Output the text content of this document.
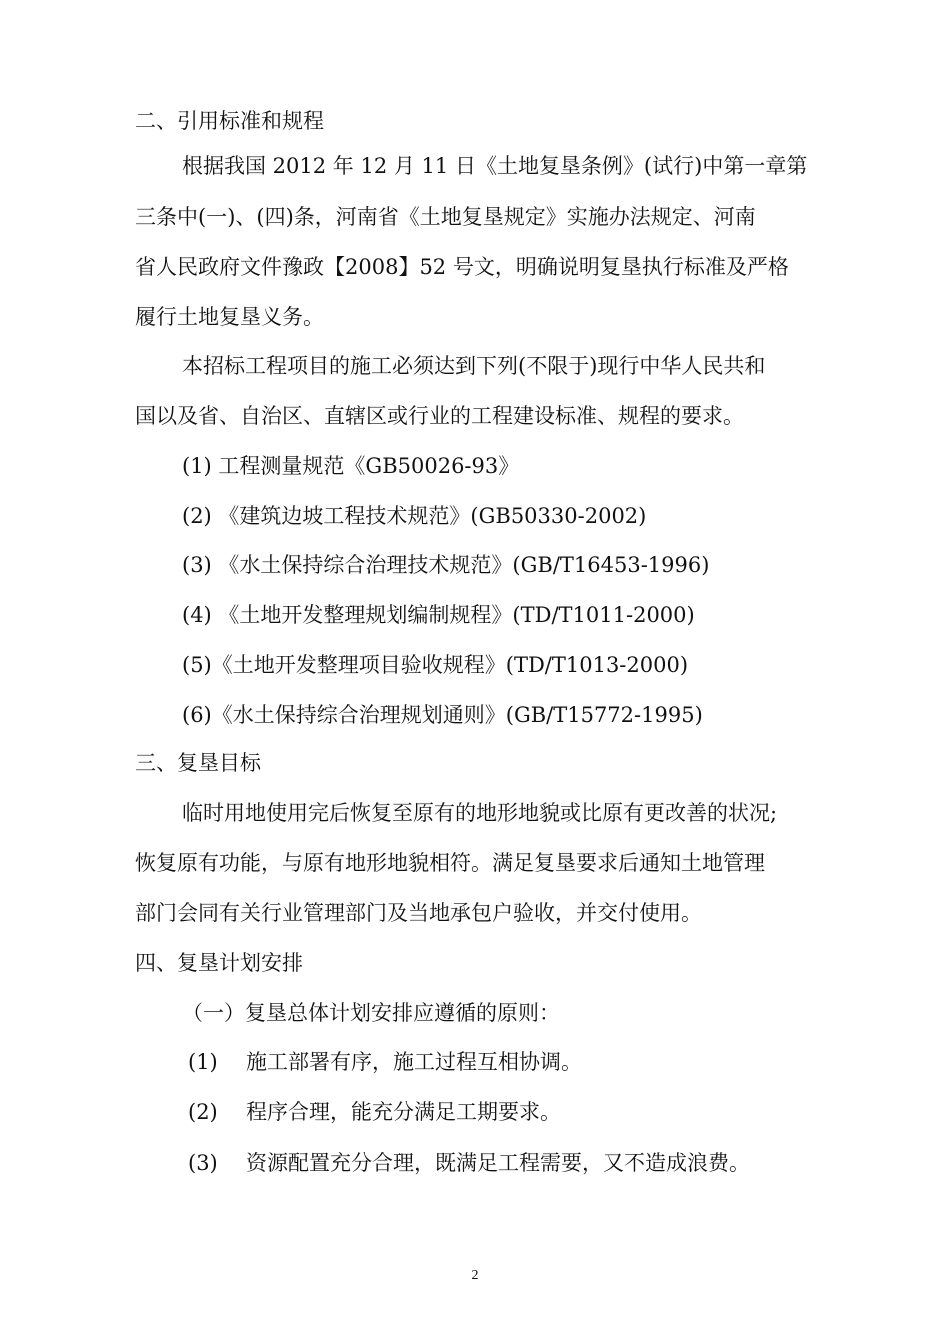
二、引用标准和规程

根据我国 2012 年 12 月 11 日《土地复垦条例》(试行)中第一章第

三条中(一)、(四)条，河南省《土地复垦规定》实施办法规定、河南

省人民政府文件豫政【2008】52 号文，明确说明复垦执行标准及严格

履行土地复垦义务。

本招标工程项目的施工必须达到下列(不限于)现行中华人民共和

国以及省、自治区、直辖区或行业的工程建设标准、规程的要求。

(1) 工程测量规范《GB50026-93》

(2) 《建筑边坡工程技术规范》(GB50330-2002)

(3) 《水土保持综合治理技术规范》(GB/T16453-1996)

(4) 《土地开发整理规划编制规程》(TD/T1011-2000)

(5)《土地开发整理项目验收规程》(TD/T1013-2000)

(6)《水土保持综合治理规划通则》(GB/T15772-1995)

三、复垦目标

临时用地使用完后恢复至原有的地形地貌或比原有更改善的状况;

恢复原有功能，与原有地形地貌相符。满足复垦要求后通知土地管理

部门会同有关行业管理部门及当地承包户验收，并交付使用。

四、复垦计划安排

（一）复垦总体计划安排应遵循的原则：

(1) 施工部署有序，施工过程互相协调。

(2) 程序合理，能充分满足工期要求。

(3) 资源配置充分合理，既满足工程需要，又不造成浪费。

2
